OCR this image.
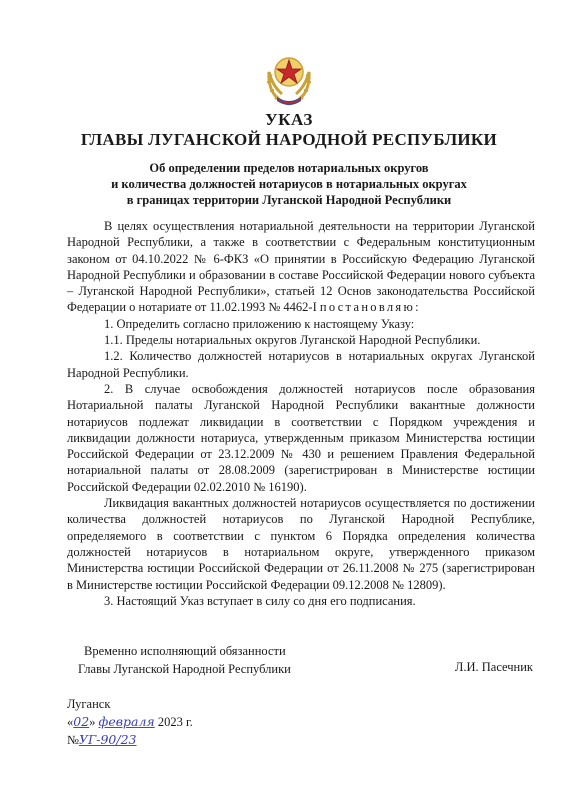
УКАЗ
ГЛАВЫ ЛУГАНСКОЙ НАРОДНОЙ РЕСПУБЛИКИ
Об определении пределов нотариальных округов
и количества должностей нотариусов в нотариальных округах
в границах территории Луганской Народной Республики

В целях осуществления нотариальной деятельности на территории Луганской Народной Республики, а также в соответствии с Федеральным конституционным законом от 04.10.2022 № 6-ФКЗ «О принятии в Российскую Федерацию Луганской Народной Республики и образовании в составе Российской Федерации нового субъекта – Луганской Народной Республики», статьей 12 Основ законодательства Российской Федерации о нотариате от 11.02.1993 № 4462-I постановляю:

1. Определить согласно приложению к настоящему Указу:

1.1. Пределы нотариальных округов Луганской Народной Республики.

1.2. Количество должностей нотариусов в нотариальных округах Луганской Народной Республики.

2. В случае освобождения должностей нотариусов после образования Нотариальной палаты Луганской Народной Республики вакантные должности нотариусов подлежат ликвидации в соответствии с Порядком учреждения и ликвидации должности нотариуса, утвержденным приказом Министерства юстиции Российской Федерации от 23.12.2009 № 430 и решением Правления Федеральной нотариальной палаты от 28.08.2009 (зарегистрирован в Министерстве юстиции Российской Федерации 02.02.2010 № 16190).

Ликвидация вакантных должностей нотариусов осуществляется по достижении количества должностей нотариусов по Луганской Народной Республике, определяемого в соответствии с пунктом 6 Порядка определения количества должностей нотариусов в нотариальном округе, утвержденного приказом Министерства юстиции Российской Федерации от 26.11.2008 № 275 (зарегистрирован в Министерстве юстиции Российской Федерации 09.12.2008 № 12809).

3. Настоящий Указ вступает в силу со дня его подписания.

Временно исполняющий обязанности
Главы Луганской Народной Республики	Л.И. Пасечник
Луганск
«02» февраля 2023 г.
№УГ-90/23
